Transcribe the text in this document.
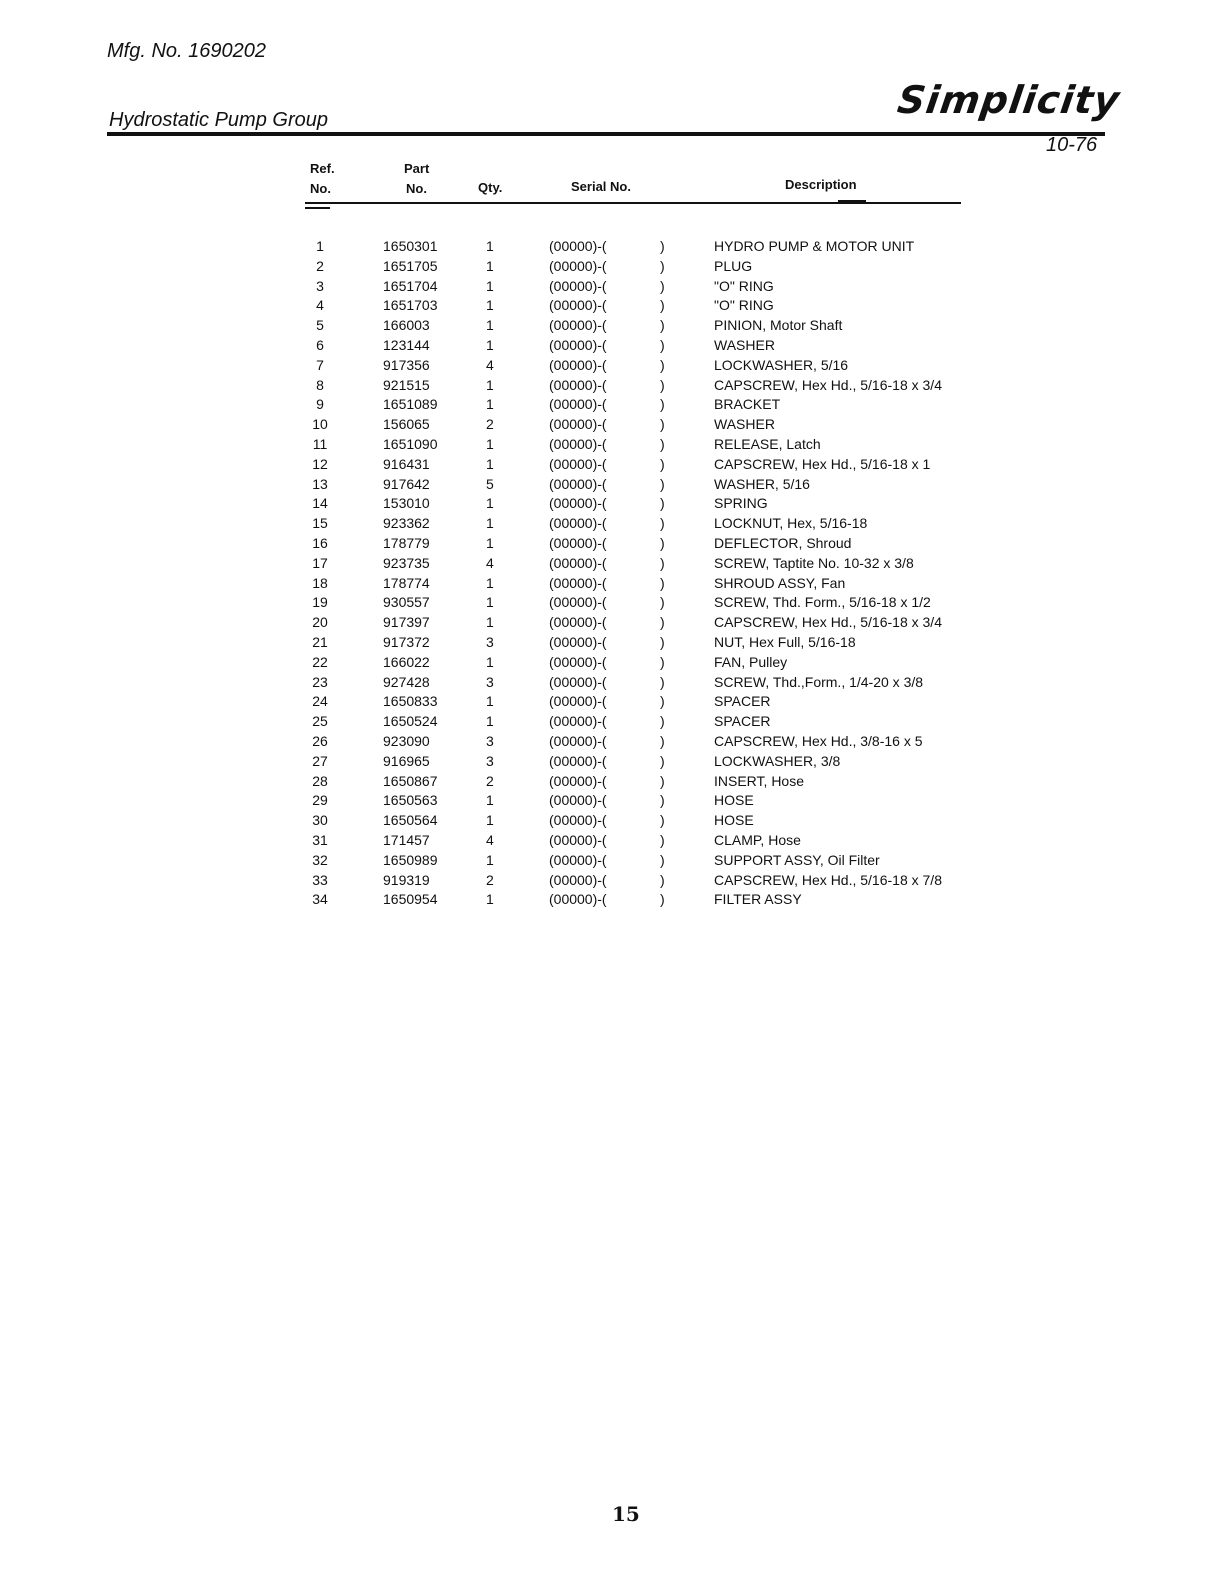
Mfg. No. 1690202
Hydrostatic Pump Group	Simplicity
10-76
Ref.
No.
Part
No.	Qty.	Serial No.	Description
1	1650301	1	(00000)-(	)	HYDRO PUMP & MOTOR UNIT
2	1651705	1	(00000)-(	)	PLUG
3	1651704	1	(00000)-(	)	"O" RING
4	1651703	1	(00000)-(	)	"O" RING
5	166003	1	(00000)-(	)	PINION, Motor Shaft
6	123144	1	(00000)-(	)	WASHER
7	917356	4	(00000)-(	)	LOCKWASHER, 5/16
8	921515	1	(00000)-(	)	CAPSCREW, Hex Hd., 5/16-18 x 3/4
9	1651089	1	(00000)-(	)	BRACKET
10	156065	2	(00000)-(	)	WASHER
11	1651090	1	(00000)-(	)	RELEASE, Latch
12	916431	1	(00000)-(	)	CAPSCREW, Hex Hd., 5/16-18 x 1
13	917642	5	(00000)-(	)	WASHER, 5/16
14	153010	1	(00000)-(	)	SPRING
15	923362	1	(00000)-(	)	LOCKNUT, Hex, 5/16-18
16	178779	1	(00000)-(	)	DEFLECTOR, Shroud
17	923735	4	(00000)-(	)	SCREW, Taptite No. 10-32 x 3/8
18	178774	1	(00000)-(	)	SHROUD ASSY, Fan
19	930557	1	(00000)-(	)	SCREW, Thd. Form., 5/16-18 x 1/2
20	917397	1	(00000)-(	)	CAPSCREW, Hex Hd., 5/16-18 x 3/4
21	917372	3	(00000)-(	)	NUT, Hex Full, 5/16-18
22	166022	1	(00000)-(	)	FAN, Pulley
23	927428	3	(00000)-(	)	SCREW, Thd.,Form., 1/4-20 x 3/8
24	1650833	1	(00000)-(	)	SPACER
25	1650524	1	(00000)-(	)	SPACER
26	923090	3	(00000)-(	)	CAPSCREW, Hex Hd., 3/8-16 x 5
27	916965	3	(00000)-(	)	LOCKWASHER, 3/8
28	1650867	2	(00000)-(	)	INSERT, Hose
29	1650563	1	(00000)-(	)	HOSE
30	1650564	1	(00000)-(	)	HOSE
31	171457	4	(00000)-(	)	CLAMP, Hose
32	1650989	1	(00000)-(	)	SUPPORT ASSY, Oil Filter
33	919319	2	(00000)-(	)	CAPSCREW, Hex Hd., 5/16-18 x 7/8
34	1650954	1	(00000)-(	)	FILTER ASSY
15
